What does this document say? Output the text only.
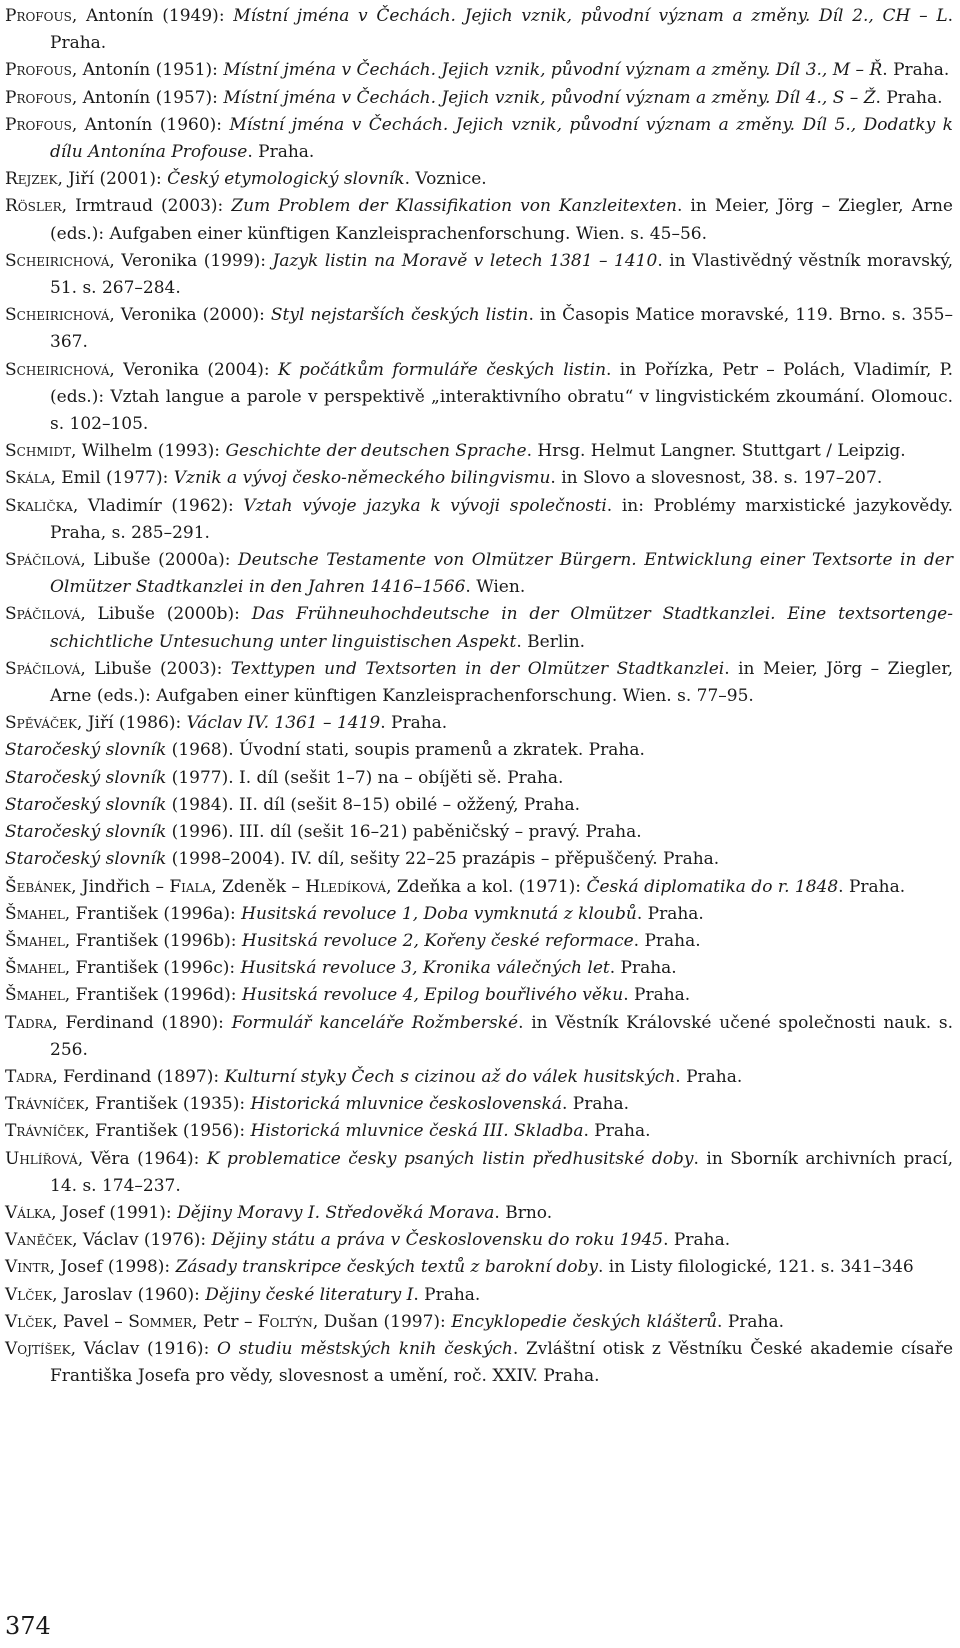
Profous, Antonín (1949): Místní jména v Čechách. Jejich vznik, původní význam a změny. Díl 2., CH – L. Praha.
Profous, Antonín (1951): Místní jména v Čechách. Jejich vznik, původní význam a změny. Díl 3., M – Ř. Praha.
Profous, Antonín (1957): Místní jména v Čechách. Jejich vznik, původní význam a změny. Díl 4., S – Ž. Praha.
Profous, Antonín (1960): Místní jména v Čechách. Jejich vznik, původní význam a změny. Díl 5., Dodatky k dílu Antonína Profouse. Praha.
Rejzek, Jiří (2001): Český etymologický slovník. Voznice.
Rösler, Irmtraud (2003): Zum Problem der Klassifikation von Kanzleitexten. in Meier, Jörg – Ziegler, Arne (eds.): Aufgaben einer künftigen Kanzleisprachenforschung. Wien. s. 45–56.
Scheirichová, Veronika (1999): Jazyk listin na Moravě v letech 1381 – 1410. in Vlastivědný věstník moravský, 51. s. 267–284.
Scheirichová, Veronika (2000): Styl nejstarších českých listin. in Časopis Matice moravské, 119. Brno. s. 355–367.
Scheirichová, Veronika (2004): K počátkům formuláře českých listin. in Pořízka, Petr – Polách, Vladimír, P. (eds.): Vztah langue a parole v perspektivě „interaktivního obratu“ v lingvistickém zkoumání. Olomouc. s. 102–105.
Schmidt, Wilhelm (1993): Geschichte der deutschen Sprache. Hrsg. Helmut Langner. Stuttgart / Leipzig.
Skála, Emil (1977): Vznik a vývoj česko-německého bilingvismu. in Slovo a slovesnost, 38. s. 197–207.
Skalička, Vladimír (1962): Vztah vývoje jazyka k vývoji společnosti. in: Problémy marxistické jazykovědy. Praha, s. 285–291.
Spáčilová, Libuše (2000a): Deutsche Testamente von Olmützer Bürgern. Entwicklung einer Textsorte in der Olmützer Stadtkanzlei in den Jahren 1416–1566. Wien.
Spáčilová, Libuše (2000b): Das Frühneuhochdeutsche in der Olmützer Stadtkanzlei. Eine textsortengeschichtliche Untesuchung unter linguistischen Aspekt. Berlin.
Spáčilová, Libuše (2003): Texttypen und Textsorten in der Olmützer Stadtkanzlei. in Meier, Jörg – Ziegler, Arne (eds.): Aufgaben einer künftigen Kanzleisprachenforschung. Wien. s. 77–95.
Spěváček, Jiří (1986): Václav IV. 1361 – 1419. Praha.
Staročeský slovník (1968). Úvodní stati, soupis pramenů a zkratek. Praha.
Staročeský slovník (1977). I. díl (sešit 1–7) na – obíjěti sě. Praha.
Staročeský slovník (1984). II. díl (sešit 8–15) obilé – ožžený, Praha.
Staročeský slovník (1996). III. díl (sešit 16–21) paběničský – pravý. Praha.
Staročeský slovník (1998–2004). IV. díl, sešity 22–25 prazápis – přěpuščený. Praha.
Šebánek, Jindřich – Fiala, Zdeněk – Hledíková, Zdeňka a kol. (1971): Česká diplomatika do r. 1848. Praha.
Šmahel, František (1996a): Husitská revoluce 1, Doba vymknutá z kloubů. Praha.
Šmahel, František (1996b): Husitská revoluce 2, Kořeny české reformace. Praha.
Šmahel, František (1996c): Husitská revoluce 3, Kronika válečných let. Praha.
Šmahel, František (1996d): Husitská revoluce 4, Epilog bouřlivého věku. Praha.
Tadra, Ferdinand (1890): Formulář kanceláře Rožmberské. in Věstník Královské učené společnosti nauk. s. 256.
Tadra, Ferdinand (1897): Kulturní styky Čech s cizinou až do válek husitských. Praha.
Trávníček, František (1935): Historická mluvnice československá. Praha.
Trávníček, František (1956): Historická mluvnice česká III. Skladba. Praha.
Uhlířová, Věra (1964): K problematice česky psaných listin předhusitské doby. in Sborník archivních prací, 14. s. 174–237.
Válka, Josef (1991): Dějiny Moravy I. Středověká Morava. Brno.
Vaněček, Václav (1976): Dějiny státu a práva v Československu do roku 1945. Praha.
Vintr, Josef (1998): Zásady transkripce českých textů z barokní doby. in Listy filologické, 121. s. 341–346
Vlček, Jaroslav (1960): Dějiny české literatury I. Praha.
Vlček, Pavel – Sommer, Petr – Foltýn, Dušan (1997): Encyklopedie českých klášterů. Praha.
Vojtíšek, Václav (1916): O studiu městských knih českých. Zvláštní otisk z Věstníku České akademie císaře Františka Josefa pro vědy, slovesnost a umění, roč. XXIV. Praha.
374
